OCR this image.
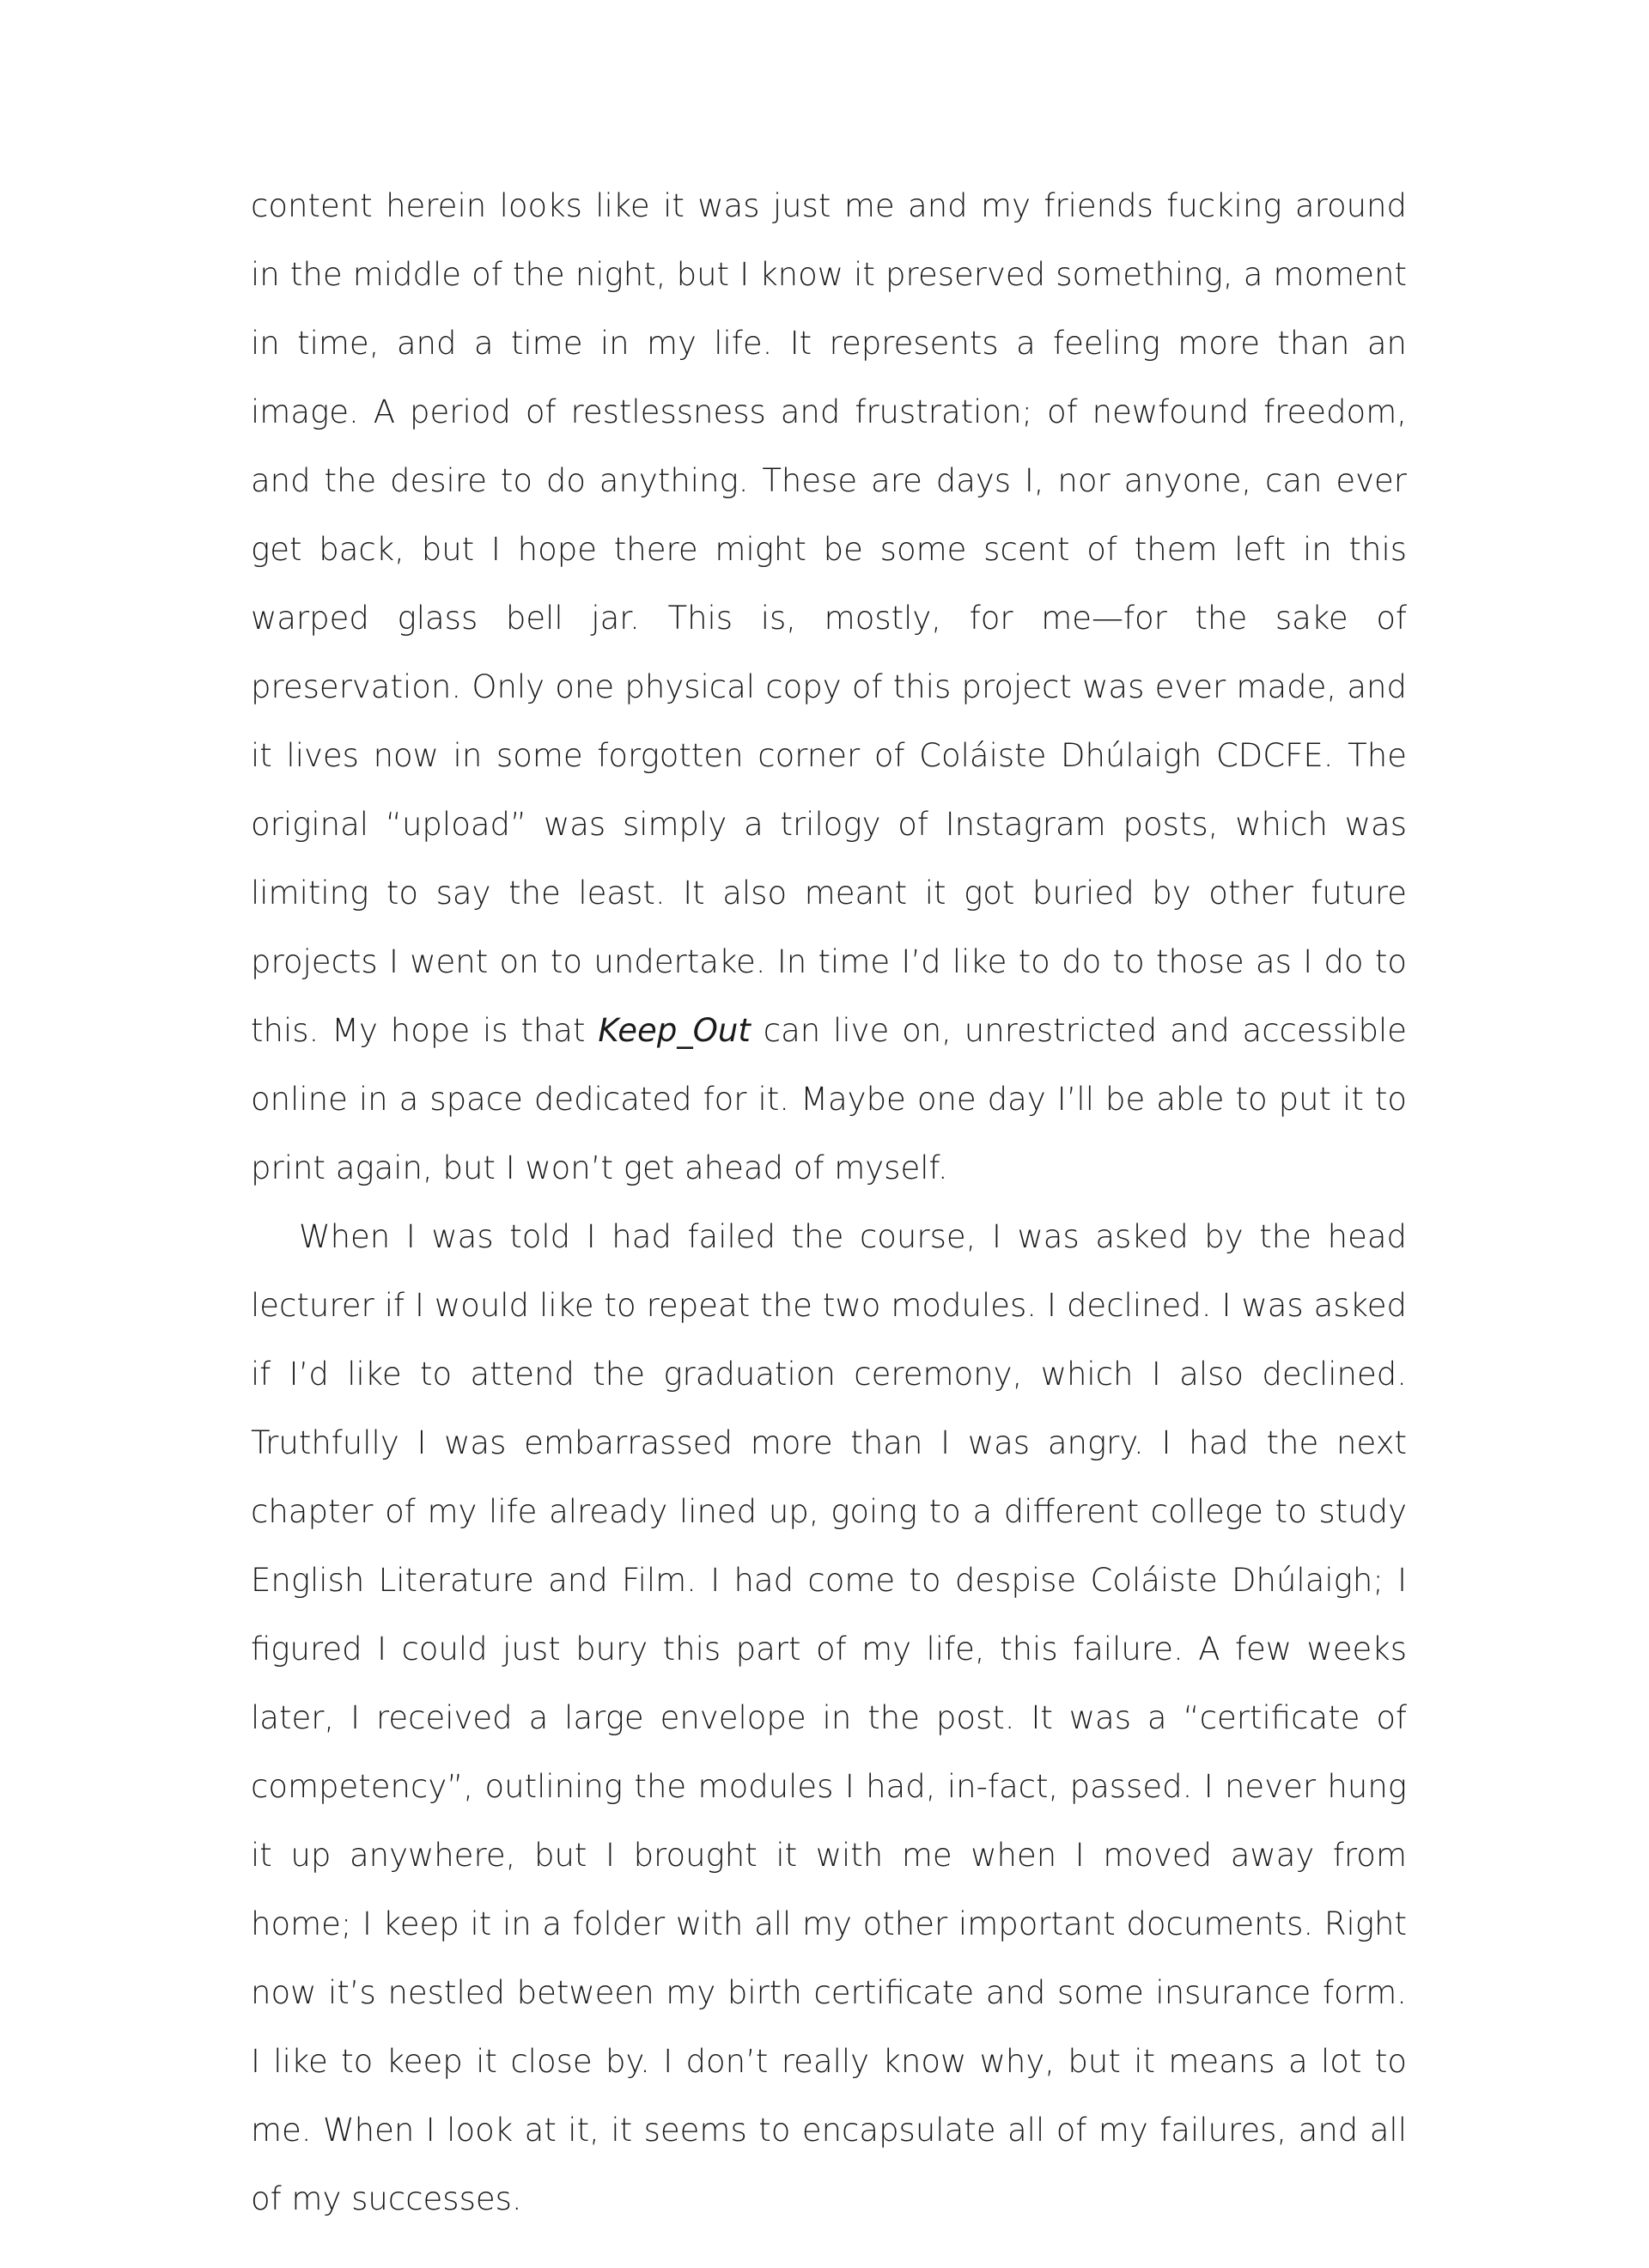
content herein looks like it was just me and my friends fucking around in the middle of the night, but I know it preserved something, a moment in time, and a time in my life. It represents a feeling more than an image. A period of restlessness and frustration; of newfound freedom, and the desire to do anything. These are days I, nor anyone, can ever get back, but I hope there might be some scent of them left in this warped glass bell jar. This is, mostly, for me—for the sake of preservation. Only one physical copy of this project was ever made, and it lives now in some forgotten corner of Coláiste Dhúlaigh CDCFE. The original “upload” was simply a trilogy of Instagram posts, which was limiting to say the least. It also meant it got buried by other future projects I went on to undertake. In time I’d like to do to those as I do to this. My hope is that Keep_Out can live on, unrestricted and accessible online in a space dedicated for it. Maybe one day I’ll be able to put it to print again, but I won’t get ahead of myself.

When I was told I had failed the course, I was asked by the head lecturer if I would like to repeat the two modules. I declined. I was asked if I’d like to attend the graduation ceremony, which I also declined. Truthfully I was embarrassed more than I was angry. I had the next chapter of my life already lined up, going to a different college to study English Literature and Film. I had come to despise Coláiste Dhúlaigh; I figured I could just bury this part of my life, this failure. A few weeks later, I received a large envelope in the post. It was a “certificate of competency”, outlining the modules I had, in-fact, passed. I never hung it up anywhere, but I brought it with me when I moved away from home; I keep it in a folder with all my other important documents. Right now it’s nestled between my birth certificate and some insurance form. I like to keep it close by. I don’t really know why, but it means a lot to me. When I look at it, it seems to encapsulate all of my failures, and all of my successes.
